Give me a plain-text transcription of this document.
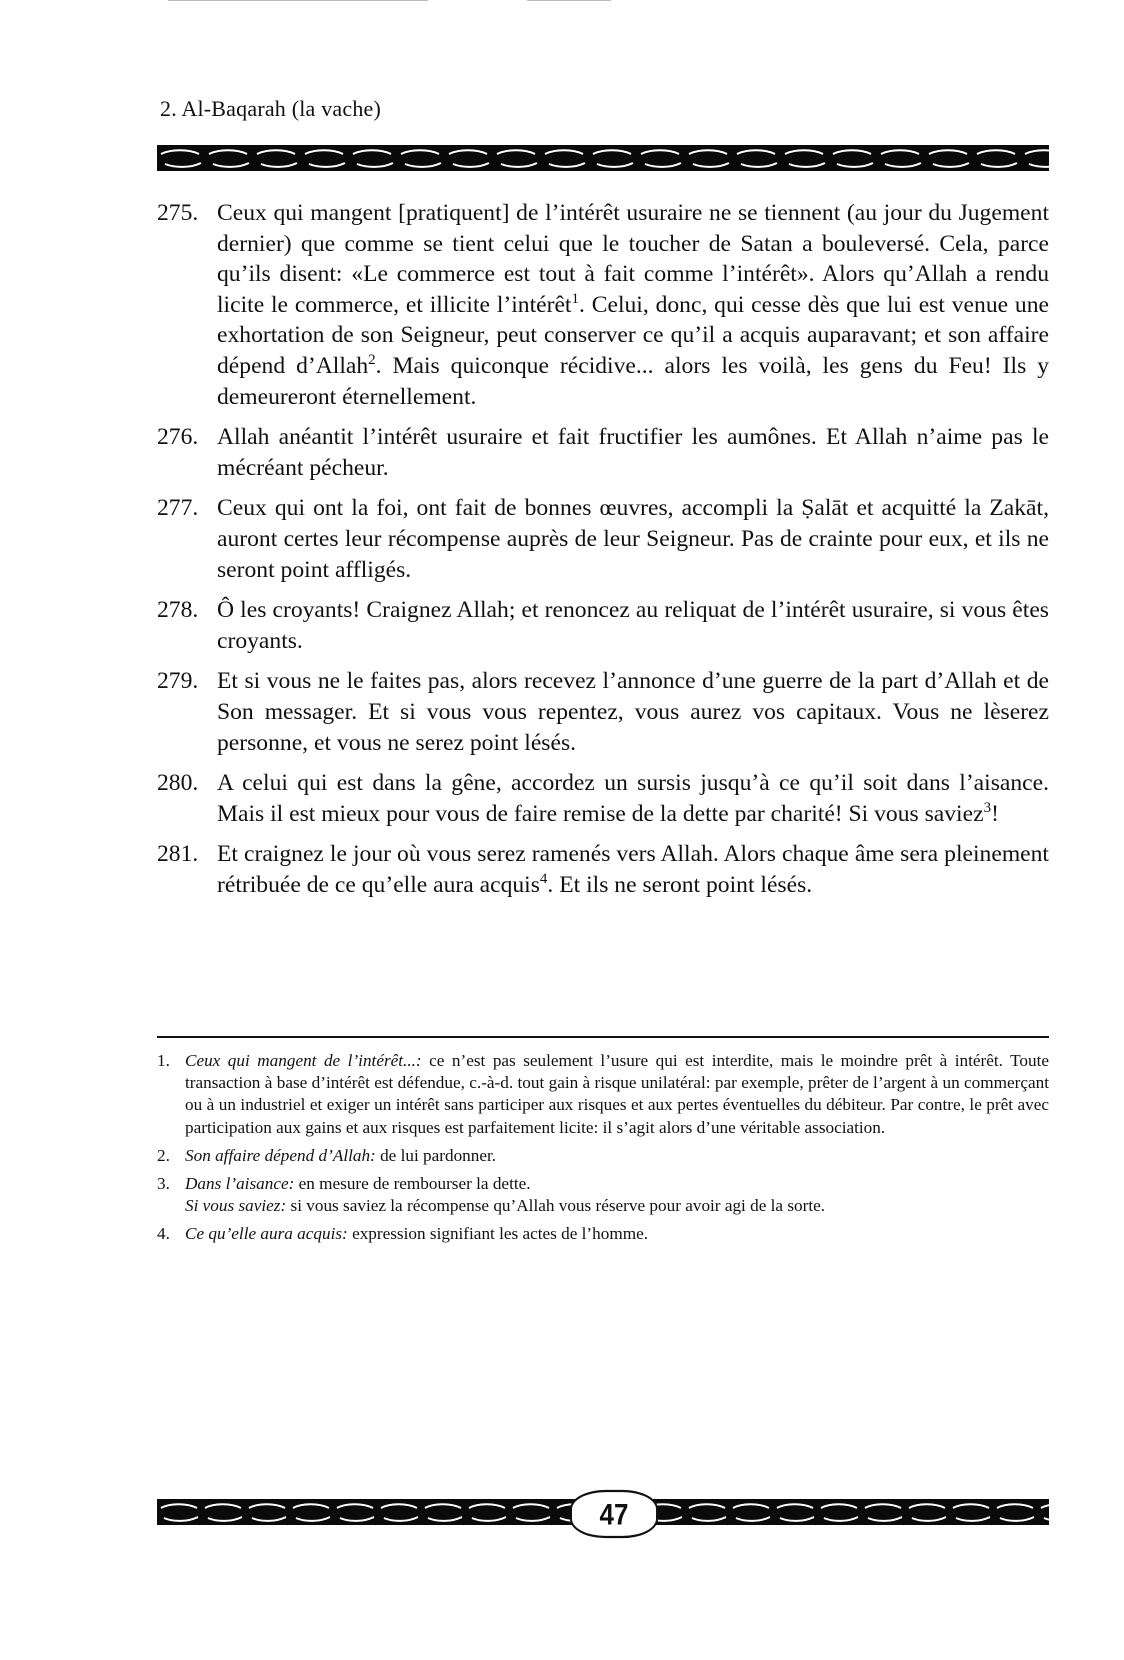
2. Al-Baqarah (la vache)
275. Ceux qui mangent [pratiquent] de l’intérêt usuraire ne se tiennent (au jour du Jugement dernier) que comme se tient celui que le toucher de Satan a bouleversé. Cela, parce qu’ils disent: «Le commerce est tout à fait comme l’intérêt». Alors qu’Allah a rendu licite le commerce, et illicite l’intérêt$^1$. Celui, donc, qui cesse dès que lui est venue une exhortation de son Seigneur, peut conserver ce qu’il a acquis auparavant; et son affaire dépend d’Allah$^2$. Mais quiconque récidive... alors les voilà, les gens du Feu! Ils y demeureront éternellement.
276. Allah anéantit l’intérêt usuraire et fait fructifier les aumônes. Et Allah n’aime pas le mécréant pécheur.
277. Ceux qui ont la foi, ont fait de bonnes œuvres, accompli la Ṣalāt et acquitté la Zakāt, auront certes leur récompense auprès de leur Seigneur. Pas de crainte pour eux, et ils ne seront point affligés.
278. Ô les croyants! Craignez Allah; et renoncez au reliquat de l’intérêt usuraire, si vous êtes croyants.
279. Et si vous ne le faites pas, alors recevez l’annonce d’une guerre de la part d’Allah et de Son messager. Et si vous vous repentez, vous aurez vos capitaux. Vous ne lèserez personne, et vous ne serez point lésés.
280. A celui qui est dans la gêne, accordez un sursis jusqu’à ce qu’il soit dans l’aisance. Mais il est mieux pour vous de faire remise de la dette par charité! Si vous saviez$^3$!
281. Et craignez le jour où vous serez ramenés vers Allah. Alors chaque âme sera pleinement rétribuée de ce qu’elle aura acquis$^4$. Et ils ne seront point lésés.
1. Ceux qui mangent de l’intérêt...: ce n’est pas seulement l’usure qui est interdite, mais le moindre prêt à intérêt. Toute transaction à base d’intérêt est défendue, c.-à-d. tout gain à risque unilatéral: par exemple, prêter de l’argent à un commerçant ou à un industriel et exiger un intérêt sans participer aux risques et aux pertes éventuelles du débiteur. Par contre, le prêt avec participation aux gains et aux risques est parfaitement licite: il s’agit alors d’une véritable association.

2. Son affaire dépend d’Allah: de lui pardonner.

3. Dans l’aisance: en mesure de rembourser la dette.

Si vous saviez: si vous saviez la récompense qu’Allah vous réserve pour avoir agi de la sorte.

4. Ce qu’elle aura acquis: expression signifiant les actes de l’homme.

47
